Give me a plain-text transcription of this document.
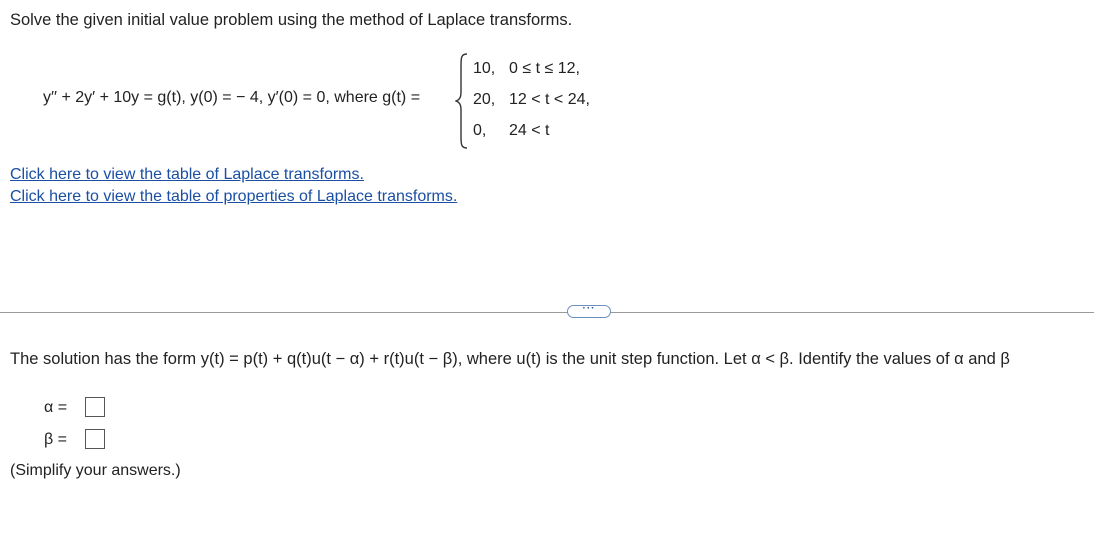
Solve the given initial value problem using the method of Laplace transforms.
y′′ + 2y′ + 10y = g(t), y(0) = − 4, y′(0) = 0, where g(t) =
10, 0 ≤ t ≤ 12,
20, 12 < t < 24,
0, 24 < t
Click here to view the table of Laplace transforms.
Click here to view the table of properties of Laplace transforms.
···
The solution has the form y(t) = p(t) + q(t)u(t − α) + r(t)u(t − β), where u(t) is the unit step function. Let α < β. Identify the values of α and β
α =
β =
(Simplify your answers.)
